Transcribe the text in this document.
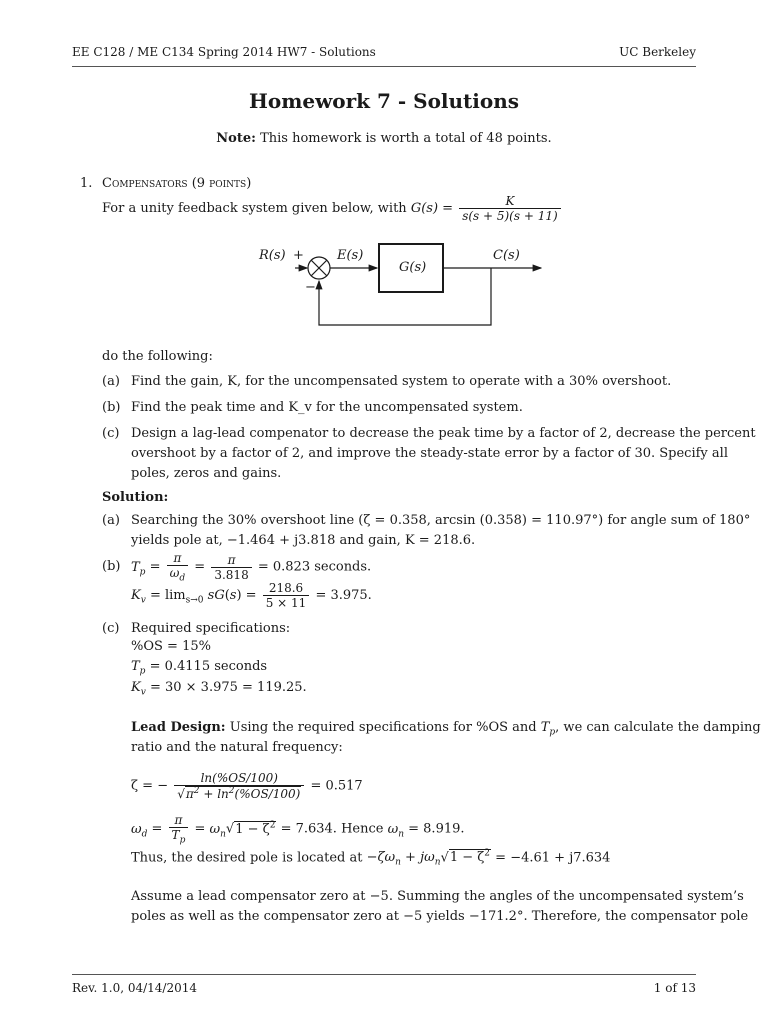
EE C128 / ME C134 Spring 2014 HW7 - Solutions	UC Berkeley
Homework 7 - Solutions
Note: This homework is worth a total of 48 points.
1. Compensators (9 points)
For a unity feedback system given below, with $G(s) = \frac{K}{s(s + 5)(s + 11)}$
R(s) +
−
E(s)
G(s)
C(s)
do the following:
(a) Find the gain, K, for the uncompensated system to operate with a 30% overshoot.
(b) Find the peak time and K_v for the uncompensated system.
(c) Design a lag-lead compenator to decrease the peak time by a factor of 2, decrease the percent
overshoot by a factor of 2, and improve the steady-state error by a factor of 30. Specify all
poles, zeros and gains.
Solution:
(a) Searching the 30% overshoot line (ζ = 0.358, arcsin (0.358) = 110.97°) for angle sum of 180°
yields pole at, −1.464 + j3.818 and gain, K = 218.6.
(b) $T_p = \frac{\pi}{\omega_d} = \frac{\pi}{3.818} = 0.823$ seconds.
$K_v = \lim_{s\to 0} sG(s) = \frac{218.6}{5 \times 11} = 3.975$.
(c) Required specifications:
%OS = 15%
$T_p = 0.4115$ seconds
$K_v = 30 \times 3.975 = 119.25$.
Lead Design: Using the required specifications for %OS and $T_p$, we can calculate the damping
ratio and the natural frequency:
ζ = − $\frac{\ln(\%OS/100)}{√\pi^2 + \ln^2(\%OS/100)} = 0.517$
$\omega_d = \frac{\pi}{T_p} = \omega_n√1 - \zeta^2 = 7.634$. Hence $\omega_n = 8.919$.
Thus, the desired pole is located at $-\zeta\omega_n + j\omega_n√1 - \zeta^2 = -4.61 + j7.634$
Assume a lead compensator zero at −5. Summing the angles of the uncompensated system’s
poles as well as the compensator zero at −5 yields −171.2°. Therefore, the compensator pole
Rev. 1.0, 04/14/2014	1 of 13
